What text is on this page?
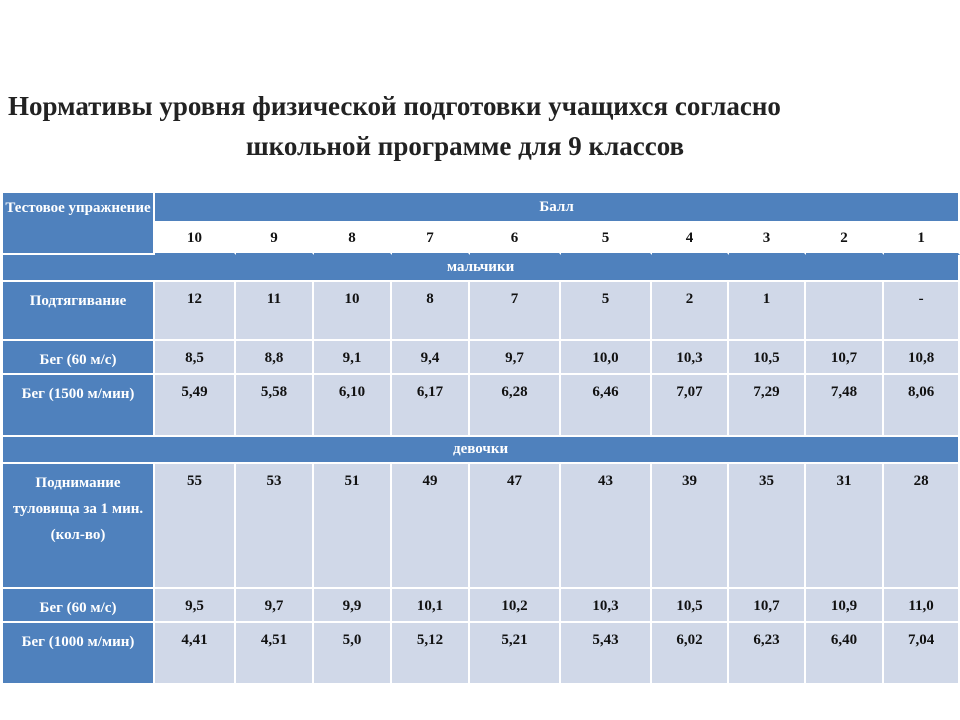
Нормативы уровня физической подготовки учащихся согласно
школьной программе для 9 классов
Тестовое упражнение	Балл									
	10	9	8	7	6	5	4	3	2	1
мальчики										
Подтягивание	12	11	10	8	7	5	2	1		-
Бег (60 м/с)	8,5	8,8	9,1	9,4	9,7	10,0	10,3	10,5	10,7	10,8
Бег (1500 м/мин)	5,49	5,58	6,10	6,17	6,28	6,46	7,07	7,29	7,48	8,06
девочки										
Поднимание туловища за 1 мин. (кол-во)	55	53	51	49	47	43	39	35	31	28
Бег (60 м/с)	9,5	9,7	9,9	10,1	10,2	10,3	10,5	10,7	10,9	11,0
Бег (1000 м/мин)	4,41	4,51	5,0	5,12	5,21	5,43	6,02	6,23	6,40	7,04
